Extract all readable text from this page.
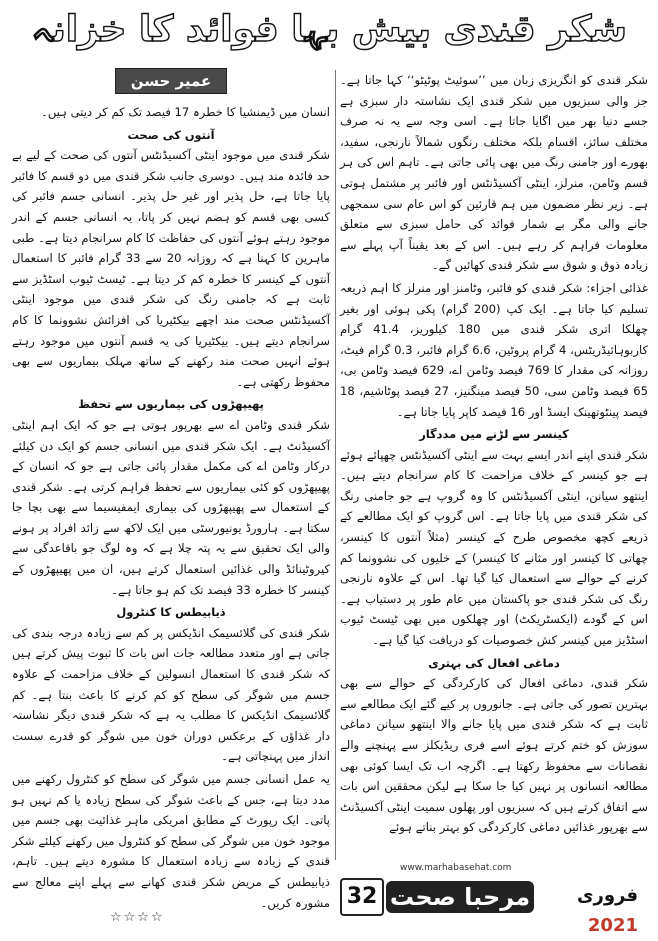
شکر قندی بیش بہا فوائد کا خزانہ

شکر قندی کو انگریزی زبان میں ’’سوئیٹ پوٹیٹو‘‘ کہا جاتا ہے۔ جز والی سبزیوں میں شکر قندی ایک نشاستہ دار سبزی ہے جسے دنیا بھر میں اگایا جاتا ہے۔ اسی وجہ سے یہ نہ صرف مختلف سائز، اقسام بلکہ مختلف رنگوں شمالاً نارنجی، سفید، بھورے اور جامنی رنگ میں بھی پائی جاتی ہے۔ تاہم اس کی ہر قسم وٹامن، منرلز، اینٹی آکسیڈنٹس اور فائبر پر مشتمل ہوتی ہے۔ زیر نظر مضمون میں ہم قارئین کو اس عام سی سمجھی جانے والی مگر بے شمار فوائد کی حامل سبزی سے متعلق معلومات فراہم کر رہے ہیں۔ اس کے بعد یقیناً آپ پہلے سے زیادہ ذوق و شوق سے شکر قندی کھائیں گے۔

غذائی اجزاء: شکر قندی کو فائبر، وٹامنز اور منرلز کا اہم ذریعہ تسلیم کیا جاتا ہے۔ ایک کپ (200 گرام) پکی ہوئی اور بغیر چھلکا اتری شکر قندی میں 180 کیلوریز، 41.4 گرام کاربوہائیڈریٹس، 4 گرام پروٹین، 6.6 گرام فائبر، 0.3 گرام فیٹ، روزانہ کی مقدار کا 769 فیصد وٹامن اے، 629 فیصد وٹامن بی، 65 فیصد وٹامن سی، 50 فیصد مینگنیز، 27 فیصد پوٹاشیم، 18 فیصد پینٹوتھینک ایسڈ اور 16 فیصد کاپر پایا جاتا ہے۔

کینسر سے لڑنے میں مددگار

شکر قندی اپنے اندر ایسے بہت سے اینٹی آکسیڈنٹس چھپائے ہوئے ہے جو کینسر کے خلاف مزاحمت کا کام سرانجام دیتے ہیں۔ اینتھو سیانن، اینٹی آکسیڈنٹس کا وہ گروپ ہے جو جامنی رنگ کی شکر قندی میں پایا جاتا ہے۔ اس گروپ کو ایک مطالعے کے ذریعے کچھ مخصوص طرح کے کینسر (مثلاً آنتوں کا کینسر، چھاتی کا کینسر اور مثانے کا کینسر) کے خلیوں کی نشوونما کم کرنے کے حوالے سے استعمال کیا گیا تھا۔ اس کے علاوہ نارنجی رنگ کی شکر قندی جو پاکستان میں عام طور پر دستیاب ہے۔ اس کے گودے (ایکسٹریکٹ) اور چھلکوں میں بھی ٹیسٹ ٹیوب اسٹڈیز میں کینسر کش خصوصیات کو دریافت کیا گیا ہے۔

دماغی افعال کی بہتری

شکر قندی، دماغی افعال کی کارکردگی کے حوالے سے بھی بہترین تصور کی جاتی ہے۔ جانوروں پر کیے گئے ایک مطالعے سے ثابت ہے کہ شکر قندی میں پایا جانے والا اینتھو سیانن دماغی سوزش کو ختم کرتے ہوئے اسے فری ریڈیکلز سے پہنچنے والے نقصانات سے محفوظ رکھتا ہے۔ اگرچہ اب تک ایسا کوئی بھی مطالعہ انسانوں پر نہیں کیا جا سکا ہے لیکن محققین اس بات سے اتفاق کرتے ہیں کہ سبزیوں اور پھلوں سمیت اینٹی آکسیڈنٹ سے بھرپور غذائیں دماغی کارکردگی کو بہتر بناتے ہوئے

عمیر حسن

انسان میں ڈیمنشیا کا خطرہ 17 فیصد تک کم کر دیتی ہیں۔

آنتوں کی صحت

شکر قندی میں موجود اینٹی آکسیڈنٹس آنتوں کی صحت کے لیے بے حد فائدہ مند ہیں۔ دوسری جانب شکر قندی میں دو قسم کا فائبر پایا جاتا ہے، حل پذیر اور غیر حل پذیر۔ انسانی جسم فائبر کی کسی بھی قسم کو ہضم نہیں کر پاتا، یہ انسانی جسم کے اندر موجود رہتے ہوئے آنتوں کی حفاظت کا کام سرانجام دیتا ہے۔ طبی ماہرین کا کہنا ہے کہ روزانہ 20 سے 33 گرام فائبر کا استعمال آنتوں کے کینسر کا خطرہ کم کر دیتا ہے۔ ٹیسٹ ٹیوب اسٹڈیز سے ثابت ہے کہ جامنی رنگ کی شکر قندی میں موجود اینٹی آکسیڈنٹس صحت مند اچھے بیکٹیریا کی افزائش نشوونما کا کام سرانجام دیتے ہیں۔ بیکٹیریا کی یہ قسم آنتوں میں موجود رہتے ہوئے انہیں صحت مند رکھنے کے ساتھ مہلک بیماریوں سے بھی محفوظ رکھتی ہے۔

پھیپھڑوں کی بیماریوں سے تحفظ

شکر قندی وٹامن اے سے بھرپور ہوتی ہے جو کہ ایک اہم اینٹی آکسیڈنٹ ہے۔ ایک شکر قندی میں انسانی جسم کو ایک دن کیلئے درکار وٹامن اے کی مکمل مقدار پائی جاتی ہے جو کہ انسان کے پھیپھڑوں کو کئی بیماریوں سے تحفظ فراہم کرتی ہے۔ شکر قندی کے استعمال سے پھیپھڑوں کی بیماری ایمفیسیما سے بھی بچا جا سکتا ہے۔ ہارورڈ یونیورسٹی میں ایک لاکھ سے زائد افراد پر ہونے والی ایک تحقیق سے یہ پتہ چلا ہے کہ وہ لوگ جو باقاعدگی سے کیروٹینائڈ والی غذائیں استعمال کرتے ہیں، ان میں پھیپھڑوں کے کینسر کا خطرہ 33 فیصد تک کم ہو جاتا ہے۔

ذیابیطس کا کنٹرول

شکر قندی کی گلائسیمک انڈیکس پر کم سے زیادہ درجہ بندی کی جاتی ہے اور متعدد مطالعہ جات اس بات کا ثبوت پیش کرتے ہیں کہ شکر قندی کا استعمال انسولین کے خلاف مزاحمت کے علاوہ جسم میں شوگر کی سطح کو کم کرنے کا باعث بنتا ہے۔ کم گلائسیمک انڈیکس کا مطلب یہ ہے کہ شکر قندی دیگر نشاستہ دار غذاؤں کے برعکس دوران خون میں شوگر کو قدرے سست انداز میں پہنچاتی ہے۔

یہ عمل انسانی جسم میں شوگر کی سطح کو کنٹرول رکھنے میں مدد دیتا ہے، جس کے باعث شوگر کی سطح زیادہ یا کم نہیں ہو پاتی۔ ایک رپورٹ کے مطابق امریکی ماہر غذائیت بھی جسم میں موجود خون میں شوگر کی سطح کو کنٹرول میں رکھنے کیلئے شکر قندی کے زیادہ سے زیادہ استعمال کا مشورہ دیتے ہیں۔ تاہم، ذیابیطس کے مریض شکر قندی کھانے سے پہلے اپنے معالج سے مشورہ کریں۔

☆☆☆☆
www.marhabasehat.com
32 مرحبا صحت	فروری 2021
